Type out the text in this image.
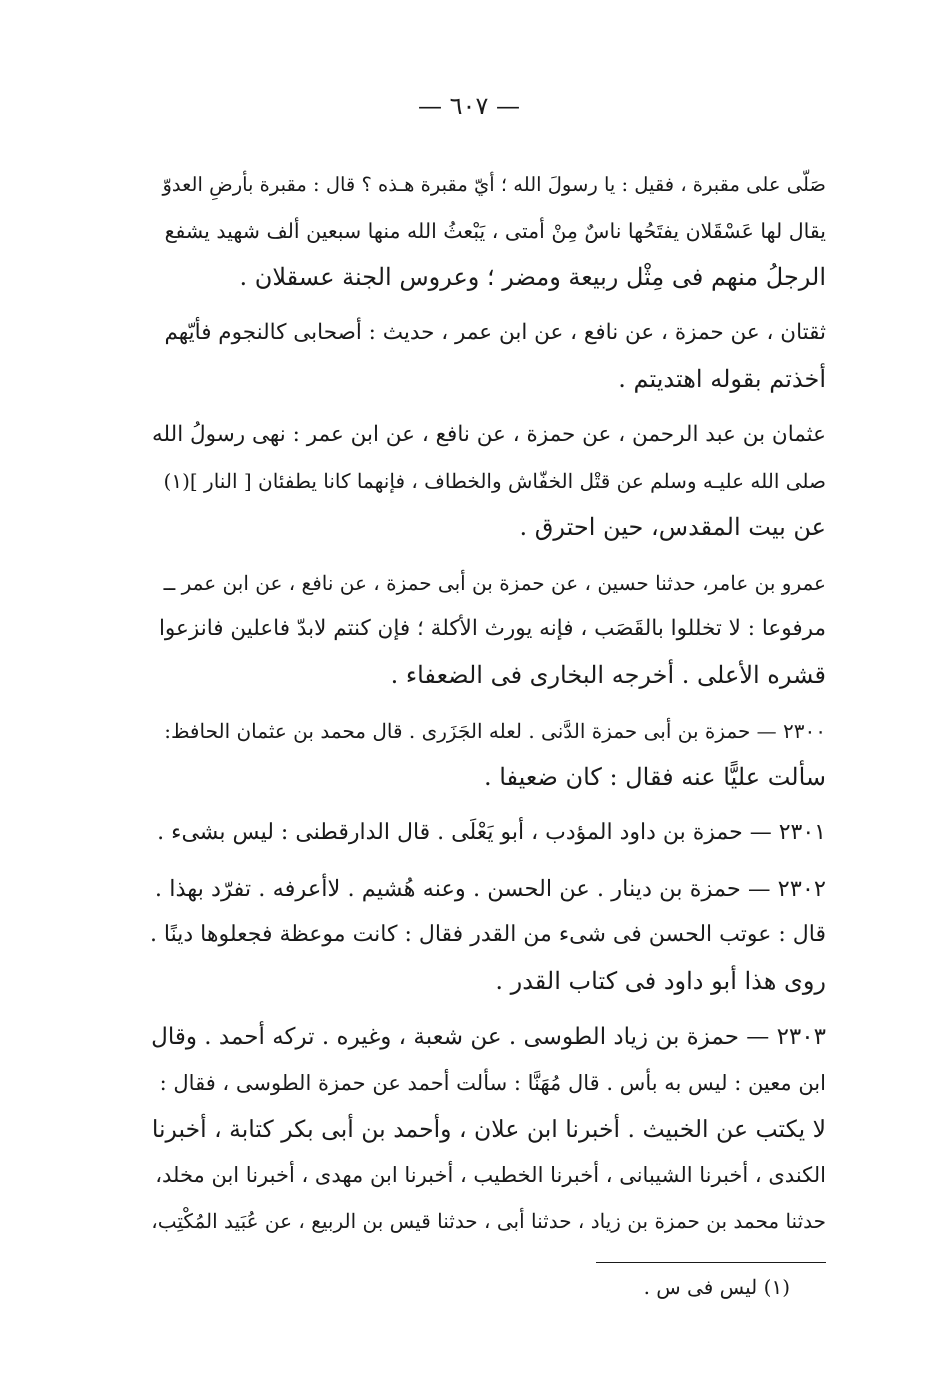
— ٦٠٧ —
صَلّى على مقبرة ، فقيل : يا رسولَ الله ؛ أيّ مقبرة هـذه ؟ قال : مقبرة بأرضِ العدوّ
يقال لها عَسْقَلان يفتَحُها ناسٌ مِنْ أمتى ، يَبْعثُ الله منها سبعين ألف شهيد يشفع
الرجلُ منهم فى مِثْل ربيعة ومضر ؛ وعروس الجنة عسقلان .
ثقتان ، عن حمزة ، عن نافع ، عن ابن عمر ، حديث : أصحابى كالنجوم فأيّهم
أخذتم بقوله اهتديتم .
عثمان بن عبد الرحمن ، عن حمزة ، عن نافع ، عن ابن عمر : نهى رسولُ الله
صلى الله عليـه وسلم عن قتْل الخفّاش والخطاف ، فإنهما كانا يطفئان [ النار ](١)
عن بيت المقدس، حين احترق .
عمرو بن عامر، حدثنا حسين ، عن حمزة بن أبى حمزة ، عن نافع ، عن ابن عمر ــ
مرفوعا : لا تخللوا بالقَصَب ، فإنه يورث الأكلة ؛ فإن كنتم لابدّ فاعلين فانزعوا
قشره الأعلى . أخرجه البخارى فى الضعفاء .
٢٣٠٠ — حمزة بن أبى حمزة الدَّنى . لعله الجَزَرى . قال محمد بن عثمان الحافظ:
سألت عليًّا عنه فقال : كان ضعيفا .
٢٣٠١ — حمزة بن داود المؤدب ، أبو يَعْلَى . قال الدارقطنى : ليس بشىء .
٢٣٠٢ — حمزة بن دينار . عن الحسن . وعنه هُشيم . لاأعرفه . تفرّد بهذا .
قال : عوتب الحسن فى شىء من القدر فقال : كانت موعظة فجعلوها دينًا .
روى هذا أبو داود فى كتاب القدر .
٢٣٠٣ — حمزة بن زياد الطوسى . عن شعبة ، وغيره . تركه أحمد . وقال
ابن معين : ليس به بأس . قال مُهَنَّا : سألت أحمد عن حمزة الطوسى ، فقال :
لا يكتب عن الخبيث . أخبرنا ابن علان ، وأحمد بن أبى بكر كتابة ، أخبرنا
الكندى ، أخبرنا الشيبانى ، أخبرنا الخطيب ، أخبرنا ابن مهدى ، أخبرنا ابن مخلد،
حدثنا محمد بن حمزة بن زياد ، حدثنا أبى ، حدثنا قيس بن الربيع ، عن عُبَيد المُكْتِب،
(١) ليس فى س .
